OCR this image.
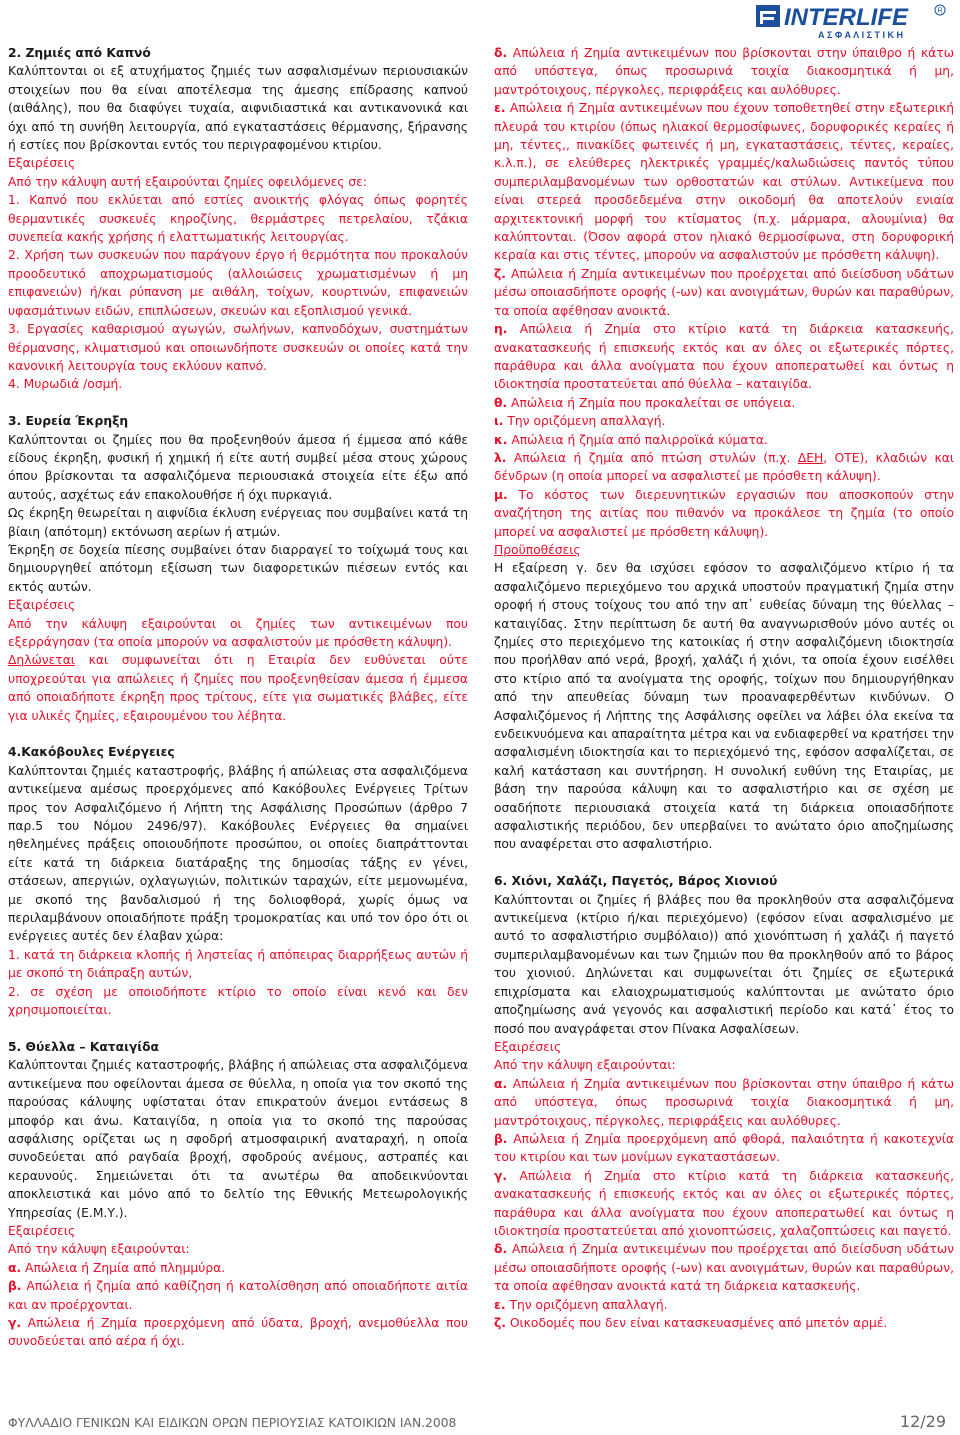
INTERLIFE	R
Α Σ Φ Α Λ Ι Σ Τ Ι Κ Η

2. Ζημιές από Καπνό

Καλύπτονται οι εξ ατυχήματος ζημιές των ασφαλισμένων περιουσιακών στοιχείων που θα είναι αποτέλεσμα της άμεσης επίδρασης καπνού (αιθάλης), που θα διαφύγει τυχαία, αιφνιδιαστικά και αντικανονικά και όχι από τη συνήθη λειτουργία, από εγκαταστάσεις θέρμανσης, ξήρανσης ή εστίες που βρίσκονται εντός του περιγραφομένου κτιρίου.

Εξαιρέσεις

Από την κάλυψη αυτή εξαιρούνται ζημίες οφειλόμενες σε:

1. Καπνό που εκλύεται από εστίες ανοικτής φλόγας όπως φορητές θερμαντικές συσκευές κηροζίνης, θερμάστρες πετρελαίου, τζάκια συνεπεία κακής χρήσης ή ελαττωματικής λειτουργίας.

2. Χρήση των συσκευών που παράγουν έργο ή θερμότητα που προκαλούν προοδευτικό αποχρωματισμούς (αλλοιώσεις χρωματισμένων ή μη επιφανειών) ή/και ρύπανση με αιθάλη, τοίχων, κουρτινών, επιφανειών υφασμάτινων ειδών, επιπλώσεων, σκευών και εξοπλισμού γενικά.

3. Εργασίες καθαρισμού αγωγών, σωλήνων, καπνοδόχων, συστημάτων θέρμανσης, κλιματισμού και οποιωνδήποτε συσκευών οι οποίες κατά την κανονική λειτουργία τους εκλύουν καπνό.

4. Μυρωδιά /οσμή.

3. Ευρεία Έκρηξη

Καλύπτονται οι ζημίες που θα προξενηθούν άμεσα ή έμμεσα από κάθε είδους έκρηξη, φυσική ή χημική ή είτε αυτή συμβεί μέσα στους χώρους όπου βρίσκονται τα ασφαλιζόμενα περιουσιακά στοιχεία είτε έξω από αυτούς, ασχέτως εάν επακολουθήσε ή όχι πυρκαγιά.

Ως έκρηξη θεωρείται η αιφνίδια έκλυση ενέργειας που συμβαίνει κατά τη βίαιη (απότομη) εκτόνωση αερίων ή ατμών.

Έκρηξη σε δοχεία πίεσης συμβαίνει όταν διαρραγεί το τοίχωμά τους και δημιουργηθεί απότομη εξίσωση των διαφορετικών πιέσεων εντός και εκτός αυτών.

Εξαιρέσεις

Από την κάλυψη εξαιρούνται οι ζημίες των αντικειμένων που εξερράγησαν (τα οποία μπορούν να ασφαλιστούν με πρόσθετη κάλυψη).

Δηλώνεται και συμφωνείται ότι η Εταιρία δεν ευθύνεται ούτε υποχρεούται για απώλειες ή ζημίες που προξενηθείσαν άμεσα ή έμμεσα από οποιαδήποτε έκρηξη προς τρίτους, είτε για σωματικές βλάβες, είτε για υλικές ζημίες, εξαιρουμένου του λέβητα.

4.Κακόβουλες Ενέργειες

Καλύπτονται ζημιές καταστροφής, βλάβης ή απώλειας στα ασφαλιζόμενα αντικείμενα αμέσως προερχόμενες από Κακόβουλες Ενέργειες Τρίτων προς τον Ασφαλιζόμενο ή Λήπτη της Ασφάλισης Προσώπων (άρθρο 7 παρ.5 του Νόμου 2496/97). Κακόβουλες Ενέργειες θα σημαίνει ηθελημένες πράξεις οποιουδήποτε προσώπου, οι οποίες διαπράττονται είτε κατά τη διάρκεια διατάραξης της δημοσίας τάξης εν γένει, στάσεων, απεργιών, οχλαγωγιών, πολιτικών ταραχών, είτε μεμονωμένα, με σκοπό της βανδαλισμού ή της δολιοφθορά, χωρίς όμως να περιλαμβάνουν οποιαδήποτε πράξη τρομοκρατίας και υπό τον όρο ότι οι ενέργειες αυτές δεν έλαβαν χώρα:

1. κατά τη διάρκεια κλοπής ή ληστείας ή απόπειρας διαρρήξεως αυτών ή με σκοπό τη διάπραξη αυτών,

2. σε σχέση με οποιοδήποτε κτίριο το οποίο είναι κενό και δεν χρησιμοποιείται.

5. Θύελλα – Καταιγίδα

Καλύπτονται ζημιές καταστροφής, βλάβης ή απώλειας στα ασφαλιζόμενα αντικείμενα που οφείλονται άμεσα σε θύελλα, η οποία για τον σκοπό της παρούσας κάλυψης υφίσταται όταν επικρατούν άνεμοι εντάσεως 8 μποφόρ και άνω. Καταιγίδα, η οποία για το σκοπό της παρούσας ασφάλισης ορίζεται ως η σφοδρή ατμοσφαιρική αναταραχή, η οποία συνοδεύεται από ραγδαία βροχή, σφοδρούς ανέμους, αστραπές και κεραυνούς. Σημειώνεται ότι τα ανωτέρω θα αποδεικνύονται αποκλειστικά και μόνο από το δελτίο της Εθνικής Μετεωρολογικής Υπηρεσίας (Ε.Μ.Υ.).

Εξαιρέσεις

Από την κάλυψη εξαιρούνται:

α. Απώλεια ή Ζημία από πλημμύρα.

β. Απώλεια ή ζημία από καθίζηση ή κατολίσθηση από οποιαδήποτε αιτία και αν προέρχονται.

γ. Απώλεια ή Ζημία προερχόμενη από ύδατα, βροχή, ανεμοθύελλα που συνοδεύεται από αέρα ή όχι.

δ. Απώλεια ή Ζημία αντικειμένων που βρίσκονται στην ύπαιθρο ή κάτω από υπόστεγα, όπως προσωρινά τοιχία διακοσμητικά ή μη, μαντρότοιχους, πέργκολες, περιφράξεις και αυλόθυρες.

ε. Απώλεια ή Ζημία αντικειμένων που έχουν τοποθετηθεί στην εξωτερική πλευρά του κτιρίου (όπως ηλιακοί θερμοσίφωνες, δορυφορικές κεραίες ή μη, τέντες,, πινακίδες φωτεινές ή μη, εγκαταστάσεις, τέντες, κεραίες, κ.λ.π.), σε ελεύθερες ηλεκτρικές γραμμές/καλωδιώσεις παντός τύπου συμπεριλαμβανομένων των ορθοστατών και στύλων. Αντικείμενα που είναι στερεά προσδεδεμένα στην οικοδομή θα αποτελούν ενιαία αρχιτεκτονική μορφή του κτίσματος (π.χ. μάρμαρα, αλουμίνια) θα καλύπτονται. (Όσον αφορά στον ηλιακό θερμοσίφωνα, στη δορυφορική κεραία και στις τέντες, μπορούν να ασφαλιστούν με πρόσθετη κάλυψη).

ζ. Απώλεια ή Ζημία αντικειμένων που προέρχεται από διείσδυση υδάτων μέσω οποιασδήποτε οροφής (-ων) και ανοιγμάτων, θυρών και παραθύρων, τα οποία αφέθησαν ανοικτά.

η. Απώλεια ή Ζημία στο κτίριο κατά τη διάρκεια κατασκευής, ανακατασκευής ή επισκευής εκτός και αν όλες οι εξωτερικές πόρτες, παράθυρα και άλλα ανοίγματα που έχουν αποπερατωθεί και όντως η ιδιοκτησία προστατεύεται από θύελλα – καταιγίδα.

θ. Απώλεια ή Ζημία που προκαλείται σε υπόγεια.

ι. Την οριζόμενη απαλλαγή.

κ. Απώλεια ή ζημία από παλιρροϊκά κύματα.

λ. Απώλεια ή ζημία από πτώση στυλών (π.χ. ΔΕΗ, ΟΤΕ), κλαδιών και δένδρων (η οποία μπορεί να ασφαλιστεί με πρόσθετη κάλυψη).

μ. Το κόστος των διερευνητικών εργασιών που αποσκοπούν στην αναζήτηση της αιτίας που πιθανόν να προκάλεσε τη ζημία (το οποίο μπορεί να ασφαλιστεί με πρόσθετη κάλυψη).

Προϋποθέσεις

Η εξαίρεση γ. δεν θα ισχύσει εφόσον το ασφαλιζόμενο κτίριο ή τα ασφαλιζόμενο περιεχόμενο του αρχικά υποστούν πραγματική ζημία στην οροφή ή στους τοίχους του από την απ᾽ ευθείας δύναμη της θύελλας – καταιγίδας. Στην περίπτωση δε αυτή θα αναγνωρισθούν μόνο αυτές οι ζημίες στο περιεχόμενο της κατοικίας ή στην ασφαλιζόμενη ιδιοκτησία που προήλθαν από νερά, βροχή, χαλάζι ή χιόνι, τα οποία έχουν εισέλθει στο κτίριο από τα ανοίγματα της οροφής, τοίχων που δημιουργήθηκαν από την απευθείας δύναμη των προαναφερθέντων κινδύνων. Ο Ασφαλιζόμενος ή Λήπτης της Ασφάλισης οφείλει να λάβει όλα εκείνα τα ενδεικνυόμενα και απαραίτητα μέτρα και να ενδιαφερθεί να κρατήσει την ασφαλισμένη ιδιοκτησία και το περιεχόμενό της, εφόσον ασφαλίζεται, σε καλή κατάσταση και συντήρηση. Η συνολική ευθύνη της Εταιρίας, με βάση την παρούσα κάλυψη και το ασφαλιστήριο και σε σχέση με οσαδήποτε περιουσιακά στοιχεία κατά τη διάρκεια οποιασδήποτε ασφαλιστικής περιόδου, δεν υπερβαίνει το ανώτατο όριο αποζημίωσης που αναφέρεται στο ασφαλιστήριο.

6. Χιόνι, Χαλάζι, Παγετός, Βάρος Χιονιού

Καλύπτονται οι ζημίες ή βλάβες που θα προκληθούν στα ασφαλιζόμενα αντικείμενα (κτίριο ή/και περιεχόμενο) (εφόσον είναι ασφαλισμένο με αυτό το ασφαλιστήριο συμβόλαιο)) από χιονόπτωση ή χαλάζι ή παγετό συμπεριλαμβανομένων και των ζημιών που θα προκληθούν από το βάρος του χιονιού. Δηλώνεται και συμφωνείται ότι ζημίες σε εξωτερικά επιχρίσματα και ελαιοχρωματισμούς καλύπτονται με ανώτατο όριο αποζημίωσης ανά γεγονός και ασφαλιστική περίοδο και κατά᾽ έτος το ποσό που αναγράφεται στον Πίνακα Ασφαλίσεων.

Εξαιρέσεις

Από την κάλυψη εξαιρούνται:

α. Απώλεια ή Ζημία αντικειμένων που βρίσκονται στην ύπαιθρο ή κάτω από υπόστεγα, όπως προσωρινά τοιχία διακοσμητικά ή μη, μαντρότοιχους, πέργκολες, περιφράξεις και αυλόθυρες.

β. Απώλεια ή Ζημία προερχόμενη από φθορά, παλαιότητα ή κακοτεχνία του κτιρίου και των μονίμων εγκαταστάσεων.

γ. Απώλεια ή Ζημία στο κτίριο κατά τη διάρκεια κατασκευής, ανακατασκευής ή επισκευής εκτός και αν όλες οι εξωτερικές πόρτες, παράθυρα και άλλα ανοίγματα που έχουν αποπερατωθεί και όντως η ιδιοκτησία προστατεύεται από χιονοπτώσεις, χαλαζοπτώσεις και παγετό.

δ. Απώλεια ή Ζημία αντικειμένων που προέρχεται από διείσδυση υδάτων μέσω οποιασδήποτε οροφής (-ων) και ανοιγμάτων, θυρών και παραθύρων, τα οποία αφέθησαν ανοικτά κατά τη διάρκεια κατασκευής.

ε. Την οριζόμενη απαλλαγή.

ζ. Οικοδομές που δεν είναι κατασκευασμένες από μπετόν αρμέ.

ΦΥΛΛΑΔΙΟ ΓΕΝΙΚΩΝ ΚΑΙ ΕΙΔΙΚΩΝ ΟΡΩΝ ΠΕΡΙΟΥΣΙΑΣ ΚΑΤΟΙΚΙΩΝ ΙΑΝ.2008	12/29
